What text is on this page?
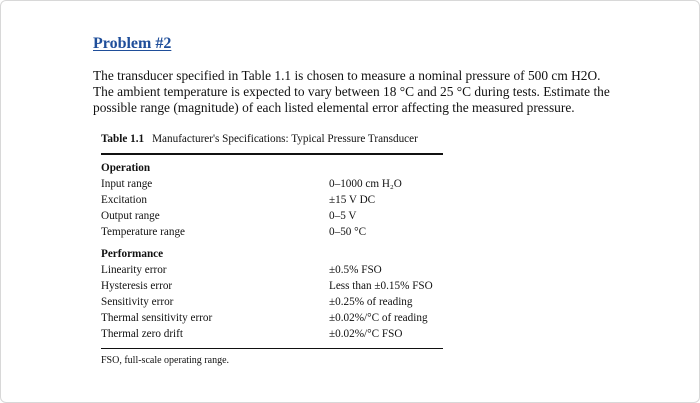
Problem #2
The transducer specified in Table 1.1 is chosen to measure a nominal pressure of 500 cm H2O. The ambient temperature is expected to vary between 18 °C and 25 °C during tests. Estimate the possible range (magnitude) of each listed elemental error affecting the measured pressure.
Table 1.1 Manufacturer's Specifications: Typical Pressure Transducer
Operation
Input range	0–1000 cm H₂O
Excitation	±15 V DC
Output range	0–5 V
Temperature range	0–50 °C
Performance
Linearity error	±0.5% FSO
Hysteresis error	Less than ±0.15% FSO
Sensitivity error	±0.25% of reading
Thermal sensitivity error	±0.02%/°C of reading
Thermal zero drift	±0.02%/°C FSO
FSO, full-scale operating range.
